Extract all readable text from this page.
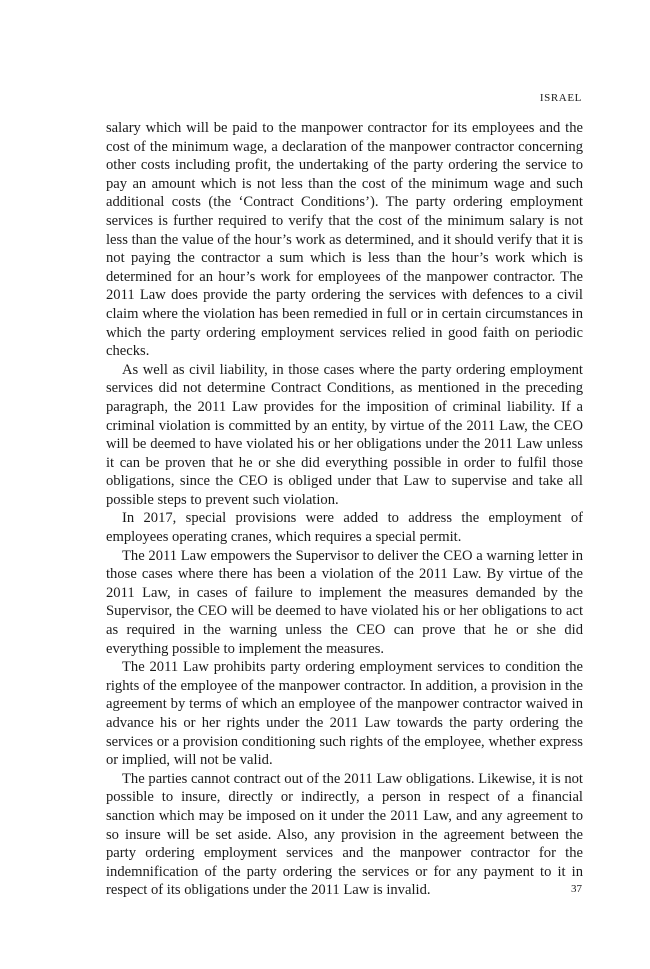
ISRAEL

salary which will be paid to the manpower contractor for its employees and the cost of the minimum wage, a declaration of the manpower contractor concerning other costs including profit, the undertaking of the party ordering the service to pay an amount which is not less than the cost of the minimum wage and such additional costs (the ‘Contract Conditions’). The party ordering employment services is further required to verify that the cost of the minimum salary is not less than the value of the hour’s work as determined, and it should verify that it is not paying the contractor a sum which is less than the hour’s work which is determined for an hour’s work for employees of the manpower contractor. The 2011 Law does provide the party ordering the services with defences to a civil claim where the violation has been remedied in full or in certain circumstances in which the party ordering employment services relied in good faith on periodic checks.

As well as civil liability, in those cases where the party ordering employment services did not determine Contract Conditions, as mentioned in the preceding paragraph, the 2011 Law provides for the imposition of criminal liability. If a criminal violation is committed by an entity, by virtue of the 2011 Law, the CEO will be deemed to have violated his or her obligations under the 2011 Law unless it can be proven that he or she did everything possible in order to fulfil those obligations, since the CEO is obliged under that Law to supervise and take all possible steps to prevent such violation.

In 2017, special provisions were added to address the employment of employees operating cranes, which requires a special permit.

The 2011 Law empowers the Supervisor to deliver the CEO a warning letter in those cases where there has been a violation of the 2011 Law. By virtue of the 2011 Law, in cases of failure to implement the measures demanded by the Supervisor, the CEO will be deemed to have violated his or her obligations to act as required in the warning unless the CEO can prove that he or she did everything possible to implement the measures.

The 2011 Law prohibits party ordering employment services to condition the rights of the employee of the manpower contractor. In addition, a provision in the agreement by terms of which an employee of the manpower contractor waived in advance his or her rights under the 2011 Law towards the party ordering the services or a provision conditioning such rights of the employee, whether express or implied, will not be valid.

The parties cannot contract out of the 2011 Law obligations. Likewise, it is not possible to insure, directly or indirectly, a person in respect of a financial sanction which may be imposed on it under the 2011 Law, and any agreement to so insure will be set aside. Also, any provision in the agreement between the party ordering employment services and the manpower contractor for the indemnification of the party ordering the services or for any payment to it in respect of its obligations under the 2011 Law is invalid.	37
